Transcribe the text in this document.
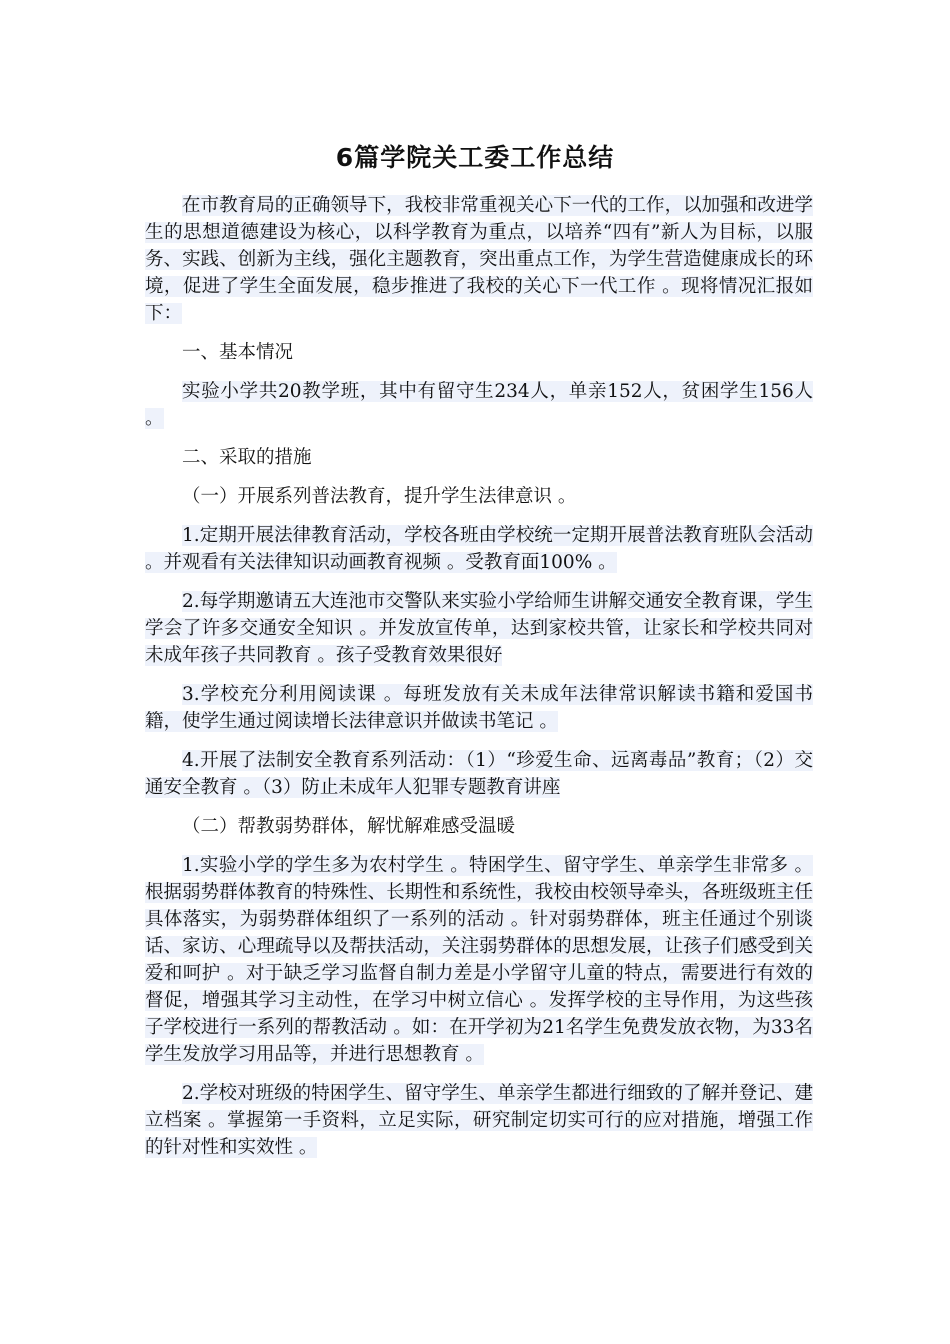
6篇学院关工委工作总结

在市教育局的正确领导下，我校非常重视关心下一代的工作，以加强和改进学生的思想道德建设为核心，以科学教育为重点，以培养“四有”新人为目标，以服务、实践、创新为主线，强化主题教育，突出重点工作，为学生营造健康成长的环境，促进了学生全面发展，稳步推进了我校的关心下一代工作 。现将情况汇报如下：

一、基本情况

实验小学共20教学班，其中有留守生234人，单亲152人，贫困学生156人 。

二、采取的措施

（一）开展系列普法教育，提升学生法律意识 。

1.定期开展法律教育活动，学校各班由学校统一定期开展普法教育班队会活动 。并观看有关法律知识动画教育视频 。受教育面100% 。

2.每学期邀请五大连池市交警队来实验小学给师生讲解交通安全教育课，学生学会了许多交通安全知识 。并发放宣传单，达到家校共管，让家长和学校共同对未成年孩子共同教育 。孩子受教育效果很好

3.学校充分利用阅读课 。每班发放有关未成年法律常识解读书籍和爱国书籍，使学生通过阅读增长法律意识并做读书笔记 。

4.开展了法制安全教育系列活动：（1）“珍爱生命、远离毒品”教育；（2）交通安全教育 。（3）防止未成年人犯罪专题教育讲座

（二）帮教弱势群体，解忧解难感受温暖

1.实验小学的学生多为农村学生 。特困学生、留守学生、单亲学生非常多 。根据弱势群体教育的特殊性、长期性和系统性，我校由校领导牵头，各班级班主任具体落实，为弱势群体组织了一系列的活动 。针对弱势群体，班主任通过个别谈话、家访、心理疏导以及帮扶活动，关注弱势群体的思想发展，让孩子们感受到关爱和呵护 。对于缺乏学习监督自制力差是小学留守儿童的特点，需要进行有效的督促，增强其学习主动性，在学习中树立信心 。发挥学校的主导作用，为这些孩子学校进行一系列的帮教活动 。如：在开学初为21名学生免费发放衣物，为33名学生发放学习用品等，并进行思想教育 。

2.学校对班级的特困学生、留守学生、单亲学生都进行细致的了解并登记、建立档案 。掌握第一手资料，立足实际，研究制定切实可行的应对措施，增强工作的针对性和实效性 。
